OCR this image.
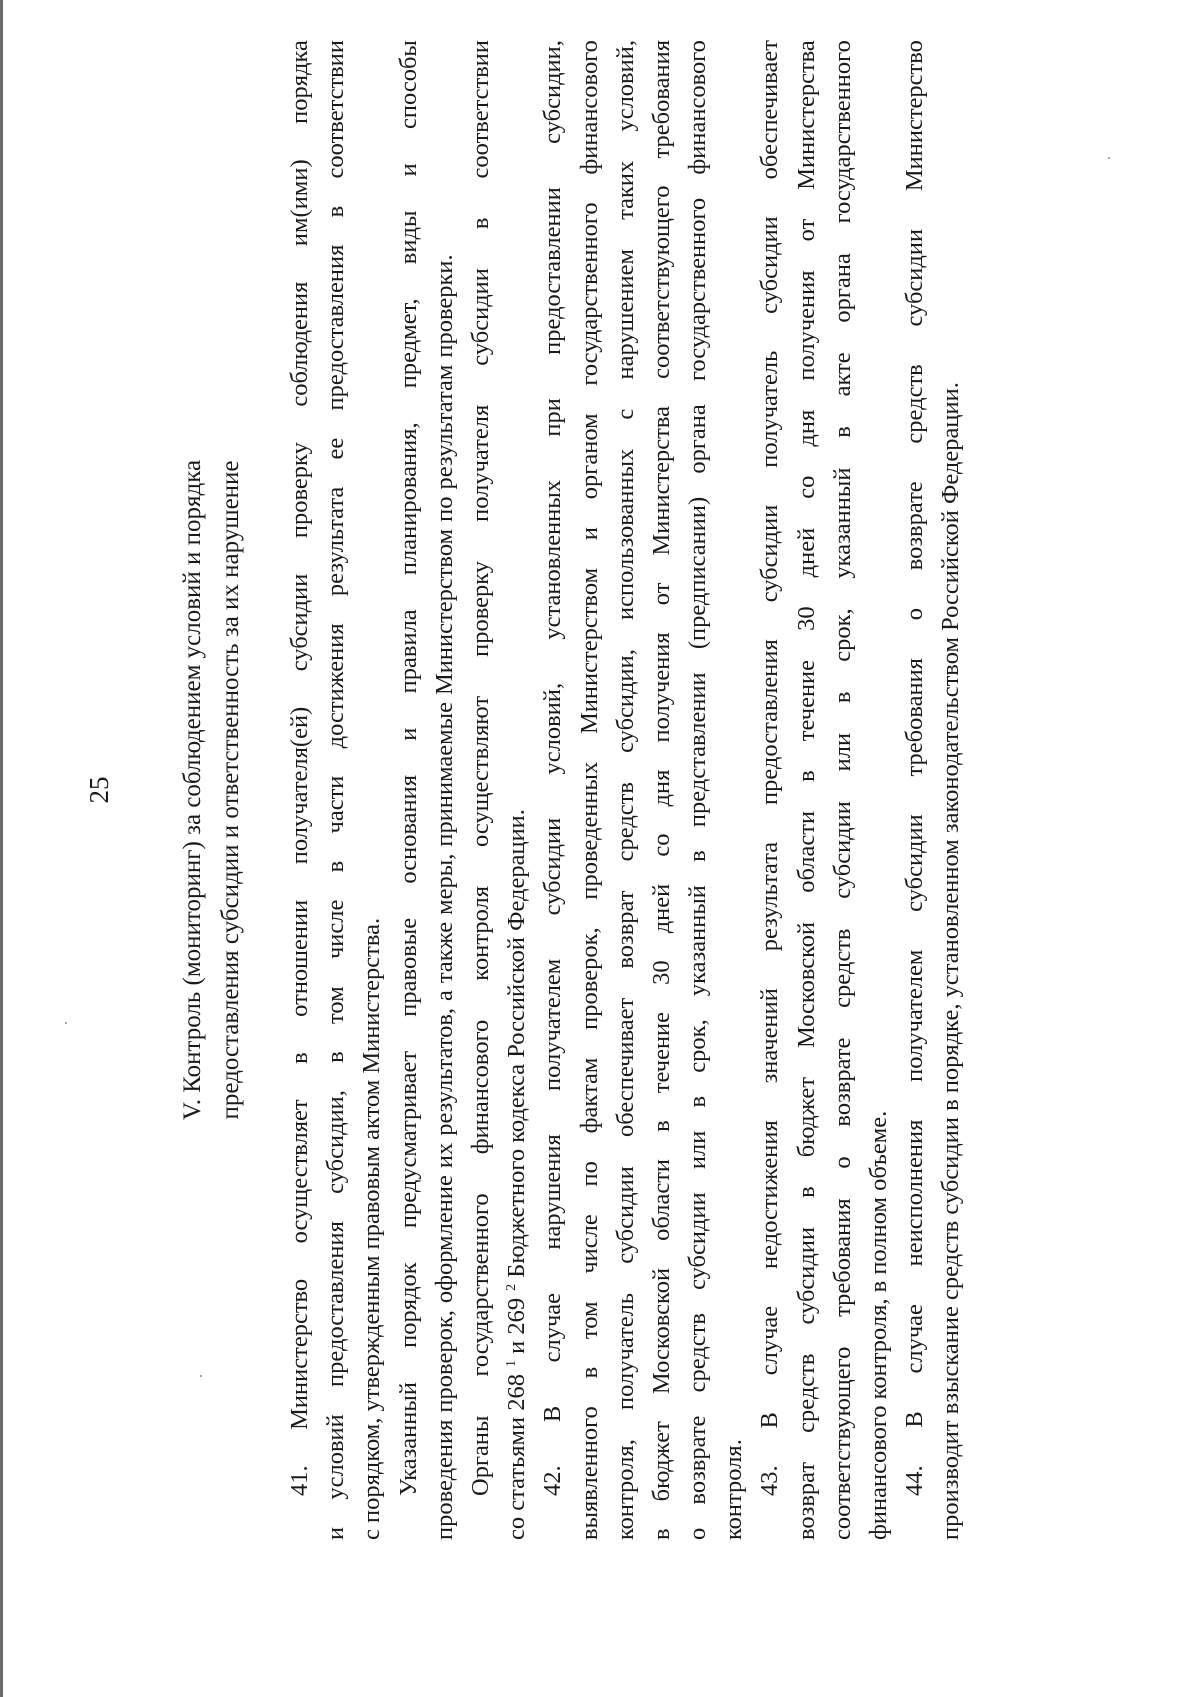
25	V. Контроль (мониторинг) за соблюдением условий и порядка предоставления субсидии и ответственность за их нарушение
41.
Министерство
осуществляет
в
отношении
получателя(ей)
субсидии
проверку
соблюдения
им(ими)
порядка
и
условий
предоставления
субсидии,
в
том
числе
в
части
достижения
результата
ее
предоставления
в
соответствии
с порядком, утвержденным правовым актом Министерства. Указанный
порядок
предусматривает
правовые
основания
и
правила
планирования,
предмет,
виды
и
способы
проведения
проверок,
оформление
их
результатов,
а
также
меры,
принимаемые
Министерством
по
результатам
проверки.
Органы
государственного
финансового
контроля
осуществляют
проверку
получателя
субсидии
в
соответствии
со статьями $268^1$ и $269^2$ Бюджетного кодекса Российской Федерации.
42.
В
случае
нарушения
получателем
субсидии
условий,
установленных
при
предоставлении
субсидии,
выявленного
в
том
числе
по
фактам
проверок,
проведенных
Министерством
и
органом
государственного
финансового
контроля,
получатель
субсидии
обеспечивает
возврат
средств
субсидии,
использованных
с
нарушением
таких
условий,
в
бюджет
Московской
области
в
течение
30
дней
со
дня
получения
от
Министерства
соответствующего
требования
о
возврате
средств
субсидии
или
в
срок,
указанный
в
представлении
(предписании)
органа
государственного
финансового
контроля. 43.
В
случае
недостижения
значений
результата
предоставления
субсидии
получатель
субсидии
обеспечивает
возврат
средств
субсидии
в
бюджет
Московской
области
в
течение
30
дней
со
дня
получения
от
Министерства
соответствующего
требования
о
возврате
средств
субсидии
или
в
срок,
указанный
в
акте
органа
государственного
финансового контроля, в полном объеме. 44.
В
случае
неисполнения
получателем
субсидии
требования
о
возврате
средств
субсидии
Министерство
производит взыскание средств субсидии в порядке, установленном законодательством Российской Федерации.
